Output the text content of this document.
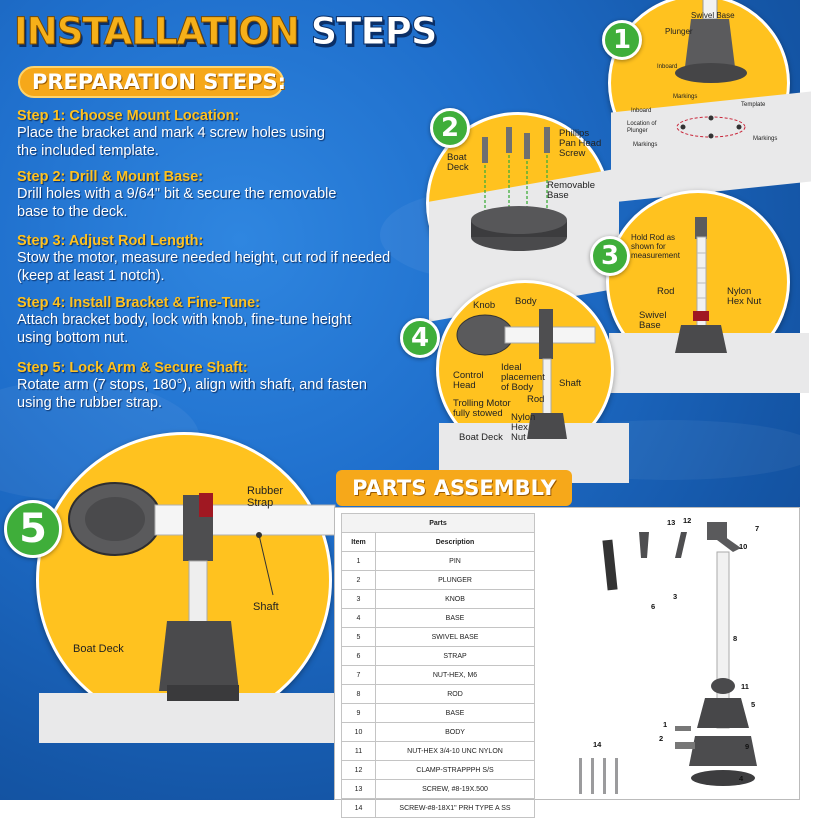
INSTALLATION STEPS
PREPARATION STEPS:
Step 1: Choose Mount Location:
Place the bracket and mark 4 screw holes using the included template.
Step 2: Drill & Mount Base:
Drill holes with a 9/64" bit & secure the removable base to the deck.
Step 3: Adjust Rod Length:
Stow the motor, measure needed height, cut rod if needed (keep at least 1 notch).
Step 4: Install Bracket & Fine-Tune:
Attach bracket body, lock with knob, fine-tune height using bottom nut.
Step 5: Lock Arm & Secure Shaft:
Rotate arm (7 stops, 180°), align with shaft, and fasten using the rubber strap.
Swivel Base
Plunger
Inboard
Markings
Inboard
Template
Location of Plunger
Markings
Markings
1
Phillips Pan Head Screw
Boat Deck
Removable Base
2
Hold Rod as shown for measurement
Rod	Nylon Hex Nut
Swivel Base
3
Knob Body
Control Head
Ideal placement of Body	Shaft
Trolling Motor fully stowed
Rod
Nylon Hex Nut
Boat Deck
4
Rubber Strap
Shaft
Boat Deck
5
PARTS ASSEMBLY
Parts	
Item	Description
1	PIN
2	PLUNGER
3	KNOB
4	BASE
5	SWIVEL BASE
6	STRAP
7	NUT-HEX, M6
8	ROD
9	BASE
10	BODY
11	NUT-HEX 3/4-10 UNC NYLON
12	CLAMP-STRAPPPH S/S
13	SCREW, #8-19X.500
14	SCREW-#8-18X1" PRH TYPE A SS
13 12
7
10
6
3
8
11
5
1
2
9
14
4
